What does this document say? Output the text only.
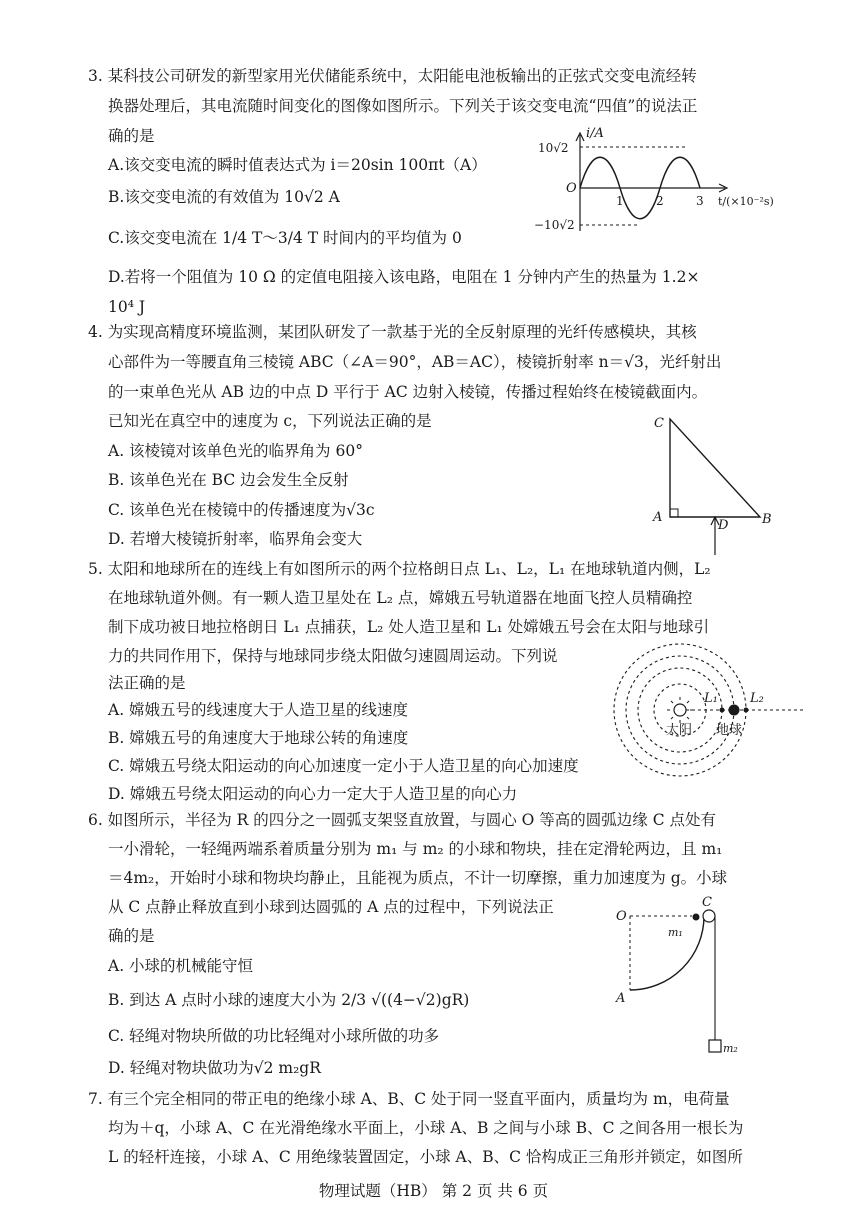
3. 某科技公司研发的新型家用光伏储能系统中，太阳能电池板输出的正弦式交变电流经转
换器处理后，其电流随时间变化的图像如图所示。下列关于该交变电流“四值”的说法正
确的是
A.该交变电流的瞬时值表达式为 i＝20sin 100πt（A）
B.该交变电流的有效值为 10√2 A
C.该交变电流在 1/4 T～3/4 T 时间内的平均值为 0
D.若将一个阻值为 10 Ω 的定值电阻接入该电路，电阻在 1 分钟内产生的热量为 1.2×
10⁴ J
i/A
10√2
−10√2
O
1	2	3 t/(×10⁻²s)
4. 为实现高精度环境监测，某团队研发了一款基于光的全反射原理的光纤传感模块，其核
心部件为一等腰直角三棱镜 ABC（∠A＝90°，AB＝AC），棱镜折射率 n＝√3，光纤射出
的一束单色光从 AB 边的中点 D 平行于 AC 边射入棱镜，传播过程始终在棱镜截面内。
已知光在真空中的速度为 c，下列说法正确的是
A. 该棱镜对该单色光的临界角为 60°
B. 该单色光在 BC 边会发生全反射
C. 该单色光在棱镜中的传播速度为√3c
D. 若增大棱镜折射率，临界角会变大
C
A
D	B
5. 太阳和地球所在的连线上有如图所示的两个拉格朗日点 L₁、L₂，L₁ 在地球轨道内侧，L₂
在地球轨道外侧。有一颗人造卫星处在 L₂ 点，嫦娥五号轨道器在地面飞控人员精确控
制下成功被日地拉格朗日 L₁ 点捕获，L₂ 处人造卫星和 L₁ 处嫦娥五号会在太阳与地球引
力的共同作用下，保持与地球同步绕太阳做匀速圆周运动。下列说
法正确的是
A. 嫦娥五号的线速度大于人造卫星的线速度
B. 嫦娥五号的角速度大于地球公转的角速度
C. 嫦娥五号绕太阳运动的向心加速度一定小于人造卫星的向心加速度
D. 嫦娥五号绕太阳运动的向心力一定大于人造卫星的向心力
L₁ L₂
太阳 地球
6. 如图所示，半径为 R 的四分之一圆弧支架竖直放置，与圆心 O 等高的圆弧边缘 C 点处有
一小滑轮，一轻绳两端系着质量分别为 m₁ 与 m₂ 的小球和物块，挂在定滑轮两边，且 m₁
＝4m₂，开始时小球和物块均静止，且能视为质点，不计一切摩擦，重力加速度为 g。小球
从 C 点静止释放直到小球到达圆弧的 A 点的过程中，下列说法正
确的是
A. 小球的机械能守恒
B. 到达 A 点时小球的速度大小为 2/3 √((4−√2)gR)
C. 轻绳对物块所做的功比轻绳对小球所做的功多
D. 轻绳对物块做功为√2 m₂gR
O
C
m₁
A
m₂
7. 有三个完全相同的带正电的绝缘小球 A、B、C 处于同一竖直平面内，质量均为 m，电荷量
均为＋q，小球 A、C 在光滑绝缘水平面上，小球 A、B 之间与小球 B、C 之间各用一根长为
L 的轻杆连接，小球 A、C 用绝缘装置固定，小球 A、B、C 恰构成正三角形并锁定，如图所
物理试题（HB） 第 2 页 共 6 页
